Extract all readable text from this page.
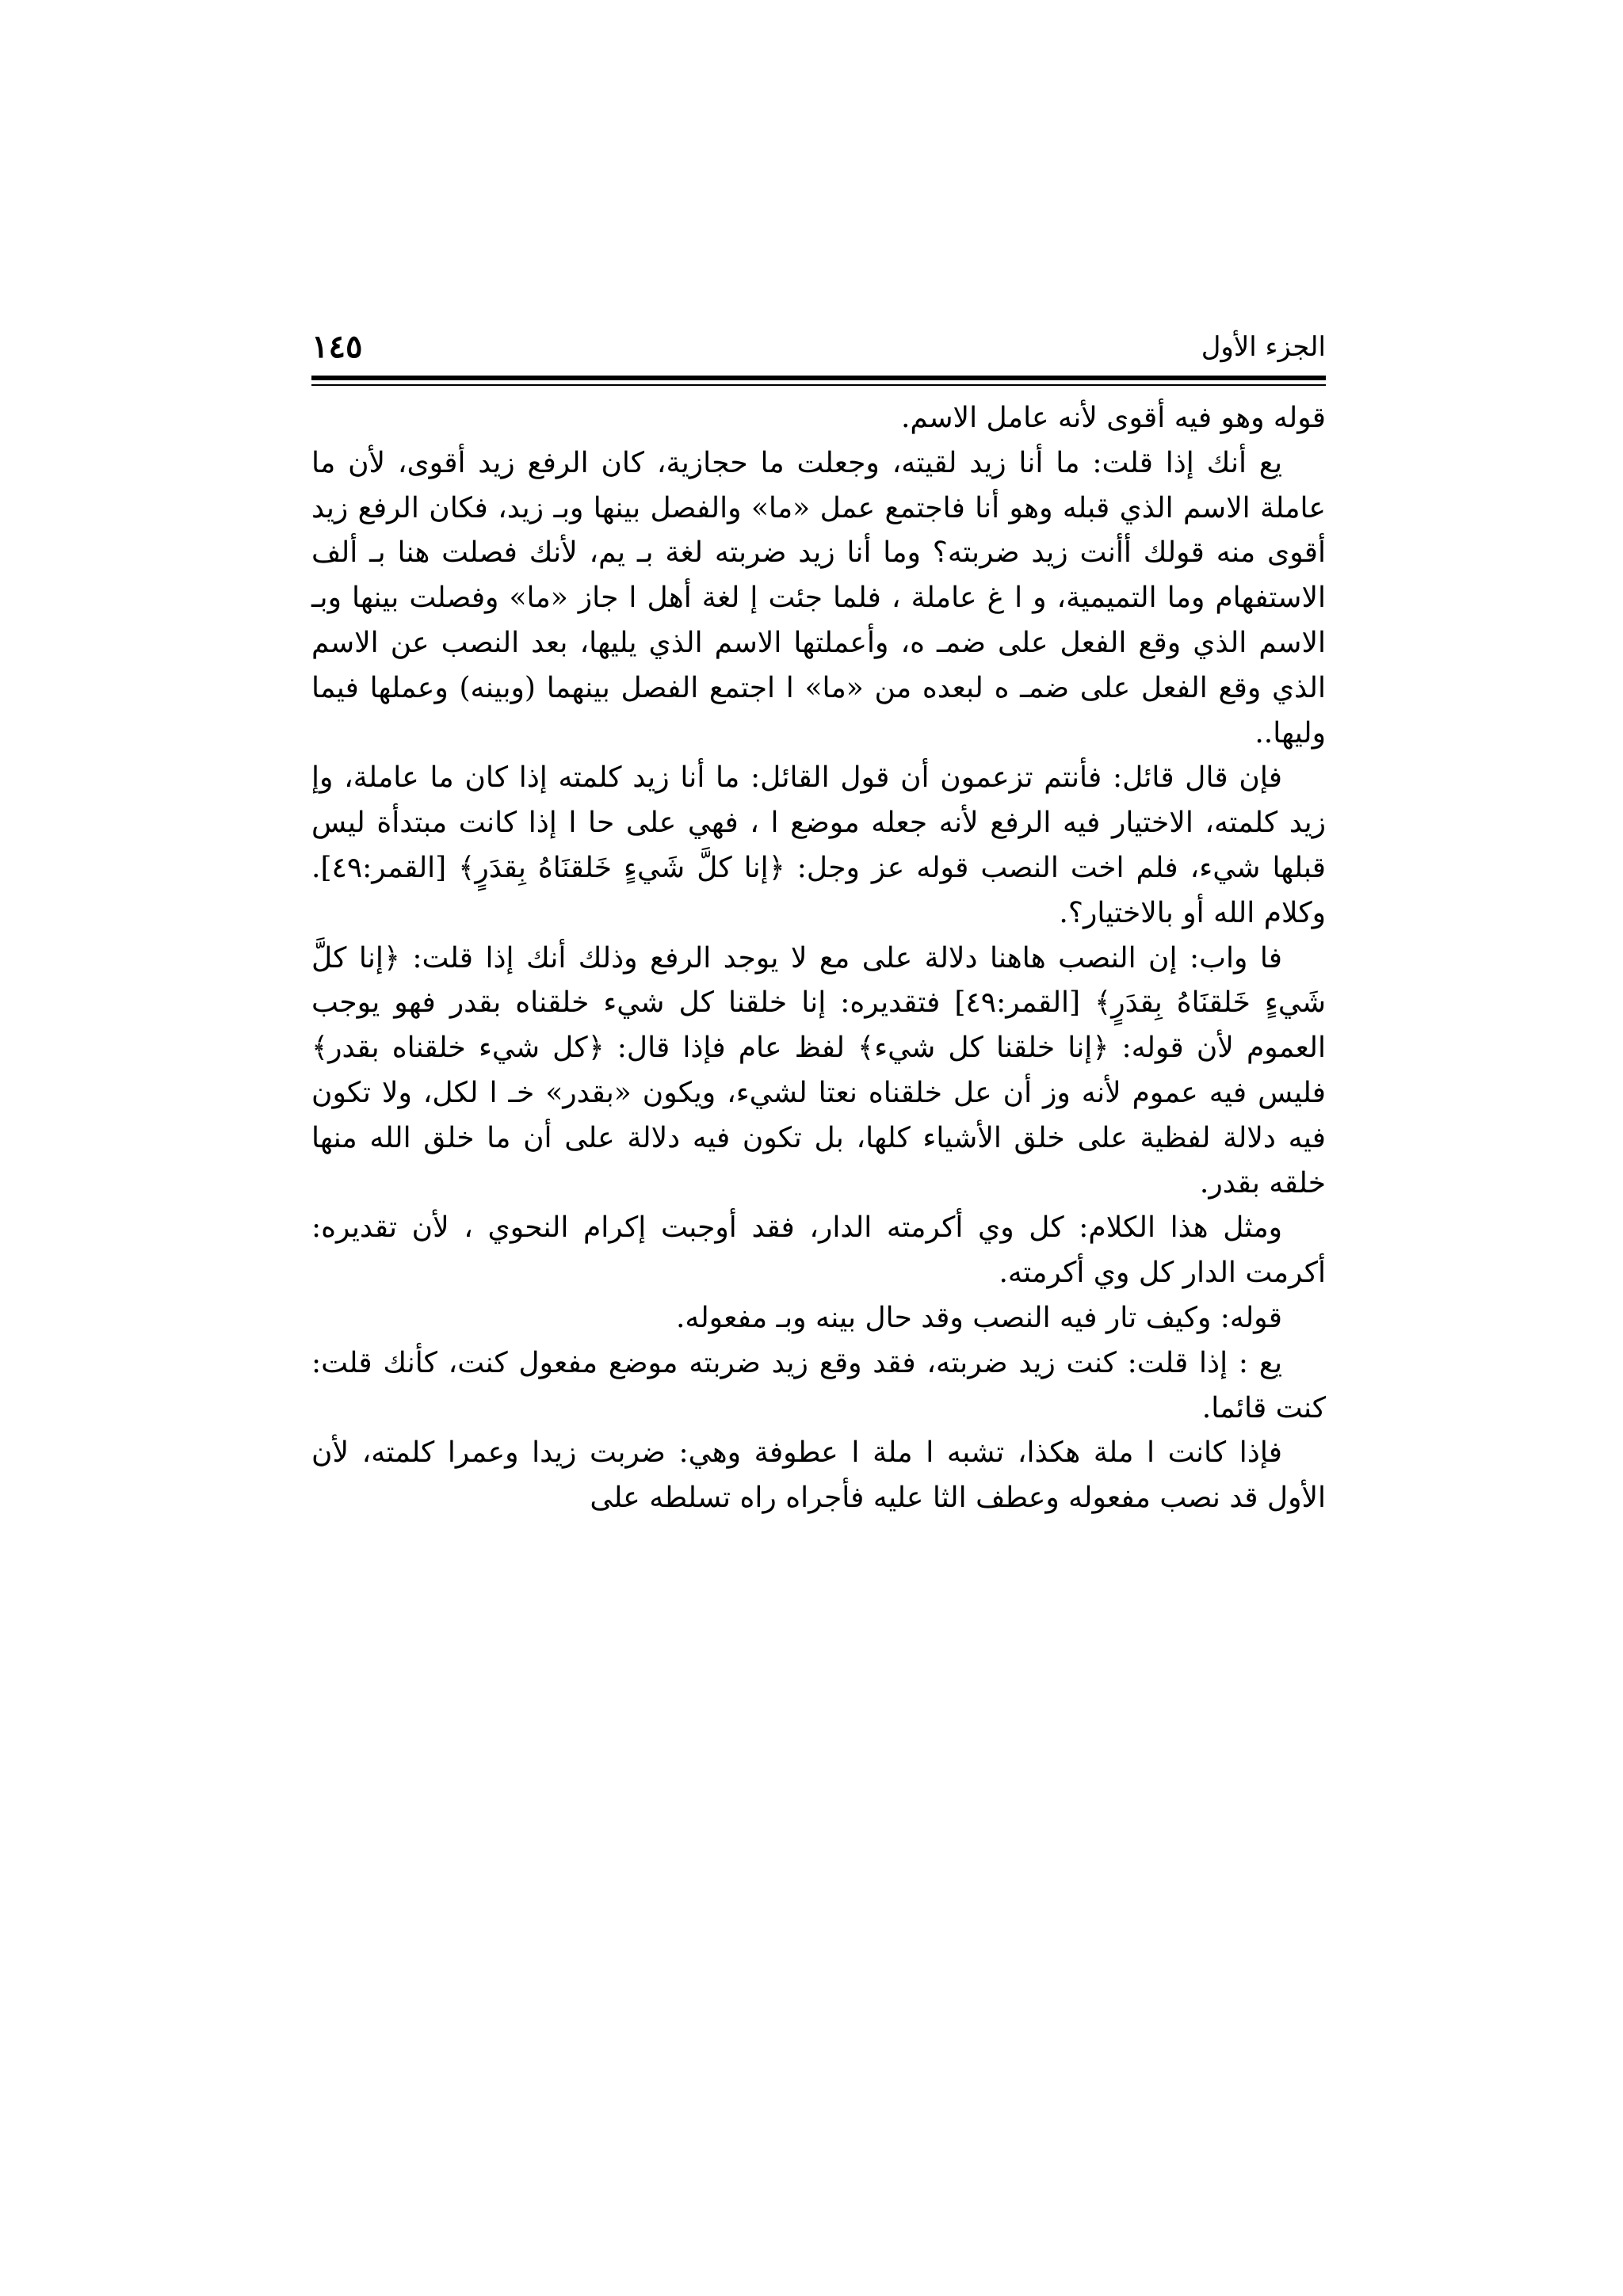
١٤٥	الجزء الأول

قوله وهو فيه أقوى لأنه عامل الاسم.

يع أنك إذا قلت: ما أنا زيد لقيته، وجعلت ما حجازية، كان الرفع زيد أقوى، لأن ما عاملة الاسم الذي قبله وهو أنا فاجتمع عمل «ما» والفصل بينها وبـ زيد، فكان الرفع زيد أقوى منه قولك أأنت زيد ضربته؟ وما أنا زيد ضربته لغة بـ يم، لأنك فصلت هنا بـ ألف الاستفهام وما التميمية، و ا غ عاملة ، فلما جئت إ لغة أهل ا جاز «ما» وفصلت بينها وبـ الاسم الذي وقع الفعل على ضمـ ه، وأعملتها الاسم الذي يليها، بعد النصب عن الاسم الذي وقع الفعل على ضمـ ه لبعده من «ما» ا اجتمع الفصل بينهما (وبينه) وعملها فيما وليها..

فإن قال قائل: فأنتم تزعمون أن قول القائل: ما أنا زيد كلمته إذا كان ما عاملة، وإ زيد كلمته، الاختيار فيه الرفع لأنه جعله موضع ا ، فهي على حا ا إذا كانت مبتدأة ليس قبلها شيء، فلم اخت النصب قوله عز وجل: ﴿إنا كلَّ شَيءٍ خَلقنَاهُ بِقدَرٍ﴾ [القمر:٤٩]. وكلام الله أو بالاختيار؟.

فا واب: إن النصب هاهنا دلالة على مع لا يوجد الرفع وذلك أنك إذا قلت: ﴿إنا كلَّ شَيءٍ خَلقنَاهُ بِقدَرٍ﴾ [القمر:٤٩] فتقديره: إنا خلقنا كل شيء خلقناه بقدر فهو يوجب العموم لأن قوله: ﴿إنا خلقنا كل شيء﴾ لفظ عام فإذا قال: ﴿كل شيء خلقناه بقدر﴾ فليس فيه عموم لأنه وز أن عل خلقناه نعتا لشيء، ويكون «بقدر» خـ ا لكل، ولا تكون فيه دلالة لفظية على خلق الأشياء كلها، بل تكون فيه دلالة على أن ما خلق الله منها خلقه بقدر.

ومثل هذا الكلام: كل وي أكرمته الدار، فقد أوجبت إكرام النحوي ، لأن تقديره: أكرمت الدار كل وي أكرمته.

قوله: وكيف تار فيه النصب وقد حال بينه وبـ مفعوله.

يع : إذا قلت: كنت زيد ضربته، فقد وقع زيد ضربته موضع مفعول كنت، كأنك قلت: كنت قائما.

فإذا كانت ا ملة هكذا، تشبه ا ملة ا عطوفة وهي: ضربت زيدا وعمرا كلمته، لأن الأول قد نصب مفعوله وعطف الثا عليه فأجراه راه تسلطه على
